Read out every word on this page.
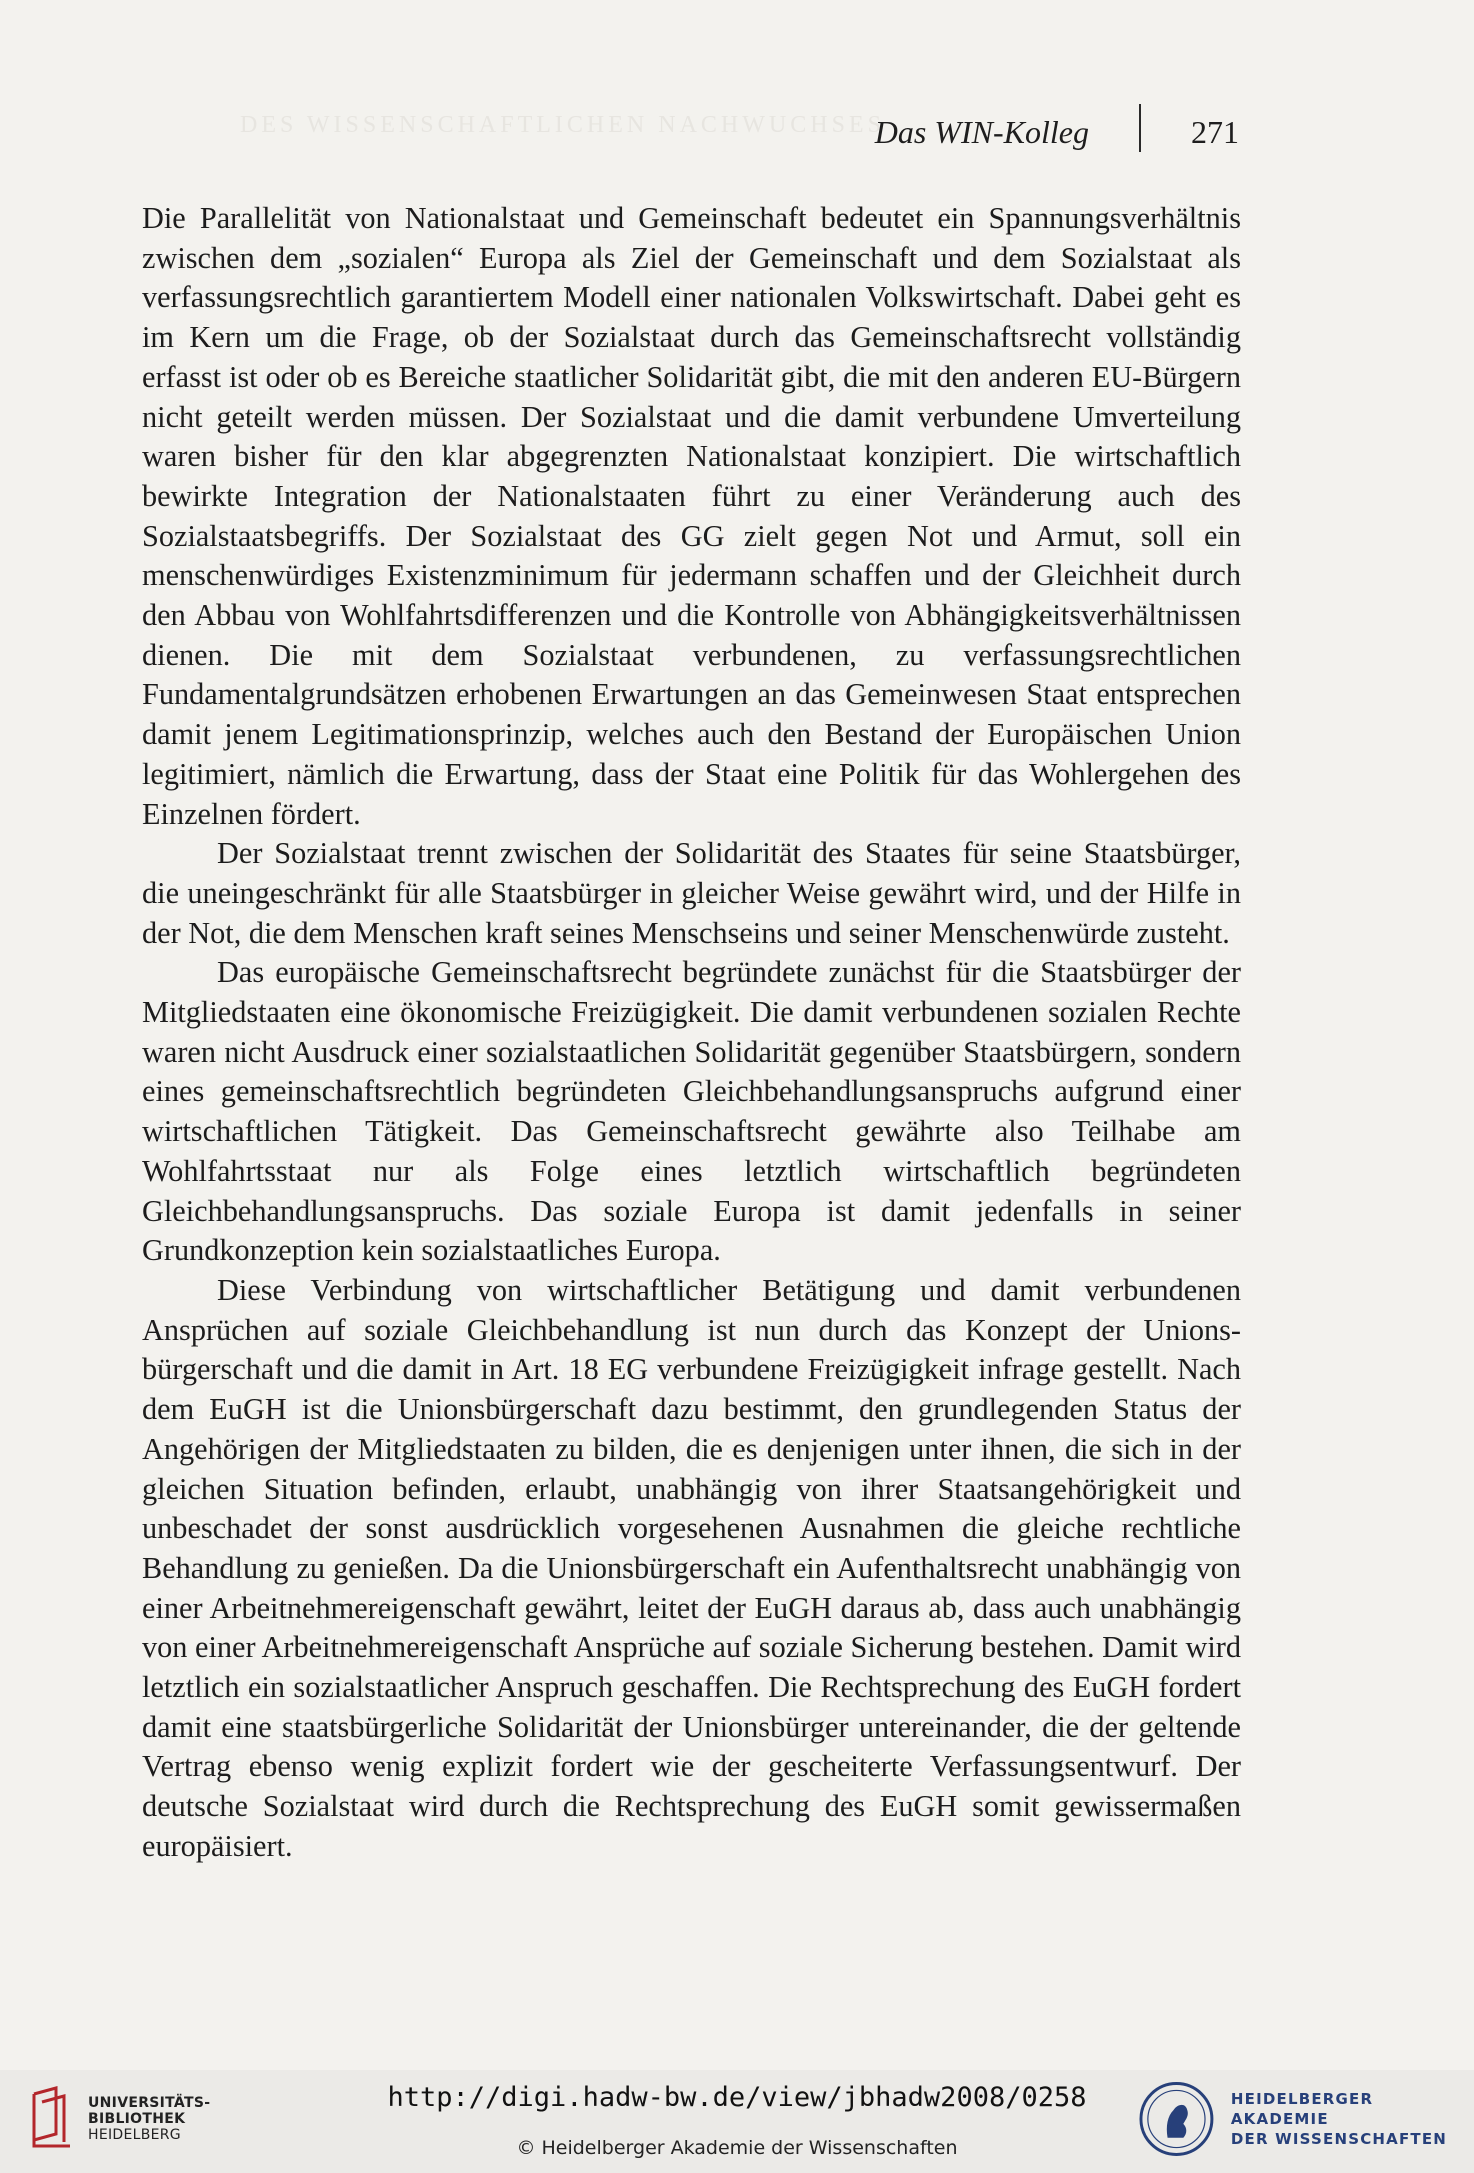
DES WISSENSCHAFTLICHEN NACHWUCHSES
Das WIN-Kolleg	271

Die Parallelität von Nationalstaat und Gemeinschaft bedeutet ein Spannungsverhältnis zwischen dem „sozialen“ Europa als Ziel der Gemeinschaft und dem Sozialstaat als verfassungsrechtlich garantiertem Modell einer nationalen Volkswirtschaft. Dabei geht es im Kern um die Frage, ob der Sozialstaat durch das Gemeinschaftsrecht vollständig erfasst ist oder ob es Bereiche staatlicher Solidarität gibt, die mit den anderen EU-Bürgern nicht geteilt werden müssen. Der Sozialstaat und die damit verbundene Umverteilung waren bisher für den klar abgegrenzten Nationalstaat konzipiert. Die wirtschaftlich bewirkte Integration der Nationalstaaten führt zu einer Veränderung auch des Sozialstaatsbegriffs. Der Sozialstaat des GG zielt gegen Not und Armut, soll ein menschenwürdiges Existenzminimum für jedermann schaffen und der Gleichheit durch den Abbau von Wohlfahrtsdifferenzen und die Kontrolle von Abhängigkeitsverhältnissen dienen. Die mit dem Sozialstaat verbundenen, zu verfassungsrechtlichen Fundamentalgrundsätzen erhobenen Erwartungen an das Gemeinwesen Staat entsprechen damit jenem Legitimationsprinzip, welches auch den Bestand der Europäischen Union legitimiert, nämlich die Erwartung, dass der Staat eine Politik für das Wohlergehen des Einzelnen fördert.

Der Sozialstaat trennt zwischen der Solidarität des Staates für seine Staatsbürger, die uneingeschränkt für alle Staatsbürger in gleicher Weise gewährt wird, und der Hilfe in der Not, die dem Menschen kraft seines Menschseins und seiner Menschenwürde zusteht.

Das europäische Gemeinschaftsrecht begründete zunächst für die Staatsbürger der Mitgliedstaaten eine ökonomische Freizügigkeit. Die damit verbundenen sozialen Rechte waren nicht Ausdruck einer sozialstaatlichen Solidarität gegenüber Staatsbürgern, sondern eines gemeinschaftsrechtlich begründeten Gleichbehandlungsanspruchs aufgrund einer wirtschaftlichen Tätigkeit. Das Gemeinschaftsrecht gewährte also Teilhabe am Wohlfahrtsstaat nur als Folge eines letztlich wirtschaftlich begründeten Gleichbehandlungsanspruchs. Das soziale Europa ist damit jedenfalls in seiner Grundkonzeption kein sozialstaatliches Europa.

Diese Verbindung von wirtschaftlicher Betätigung und damit verbundenen Ansprüchen auf soziale Gleichbehandlung ist nun durch das Konzept der Unionsbürgerschaft und die damit in Art. 18 EG verbundene Freizügigkeit infrage gestellt. Nach dem EuGH ist die Unionsbürgerschaft dazu bestimmt, den grundlegenden Status der Angehörigen der Mitgliedstaaten zu bilden, die es denjenigen unter ihnen, die sich in der gleichen Situation befinden, erlaubt, unabhängig von ihrer Staatsangehörigkeit und unbeschadet der sonst ausdrücklich vorgesehenen Ausnahmen die gleiche rechtliche Behandlung zu genießen. Da die Unionsbürgerschaft ein Aufenthaltsrecht unabhängig von einer Arbeitnehmereigenschaft gewährt, leitet der EuGH daraus ab, dass auch unabhängig von einer Arbeitnehmereigenschaft Ansprüche auf soziale Sicherung bestehen. Damit wird letztlich ein sozialstaatlicher Anspruch geschaffen. Die Rechtsprechung des EuGH fordert damit eine staatsbürgerliche Solidarität der Unionsbürger untereinander, die der geltende Vertrag ebenso wenig explizit fordert wie der gescheiterte Verfassungsentwurf. Der deutsche Sozialstaat wird durch die Rechtsprechung des EuGH somit gewissermaßen europäisiert.

UNIVERSITÄTS-
BIBLIOTHEK
HEIDELBERG
http://digi.hadw-bw.de/view/jbhadw2008/0258
© Heidelberger Akademie der Wissenschaften
HEIDELBERGER AKADEMIE
DER WISSENSCHAFTEN
